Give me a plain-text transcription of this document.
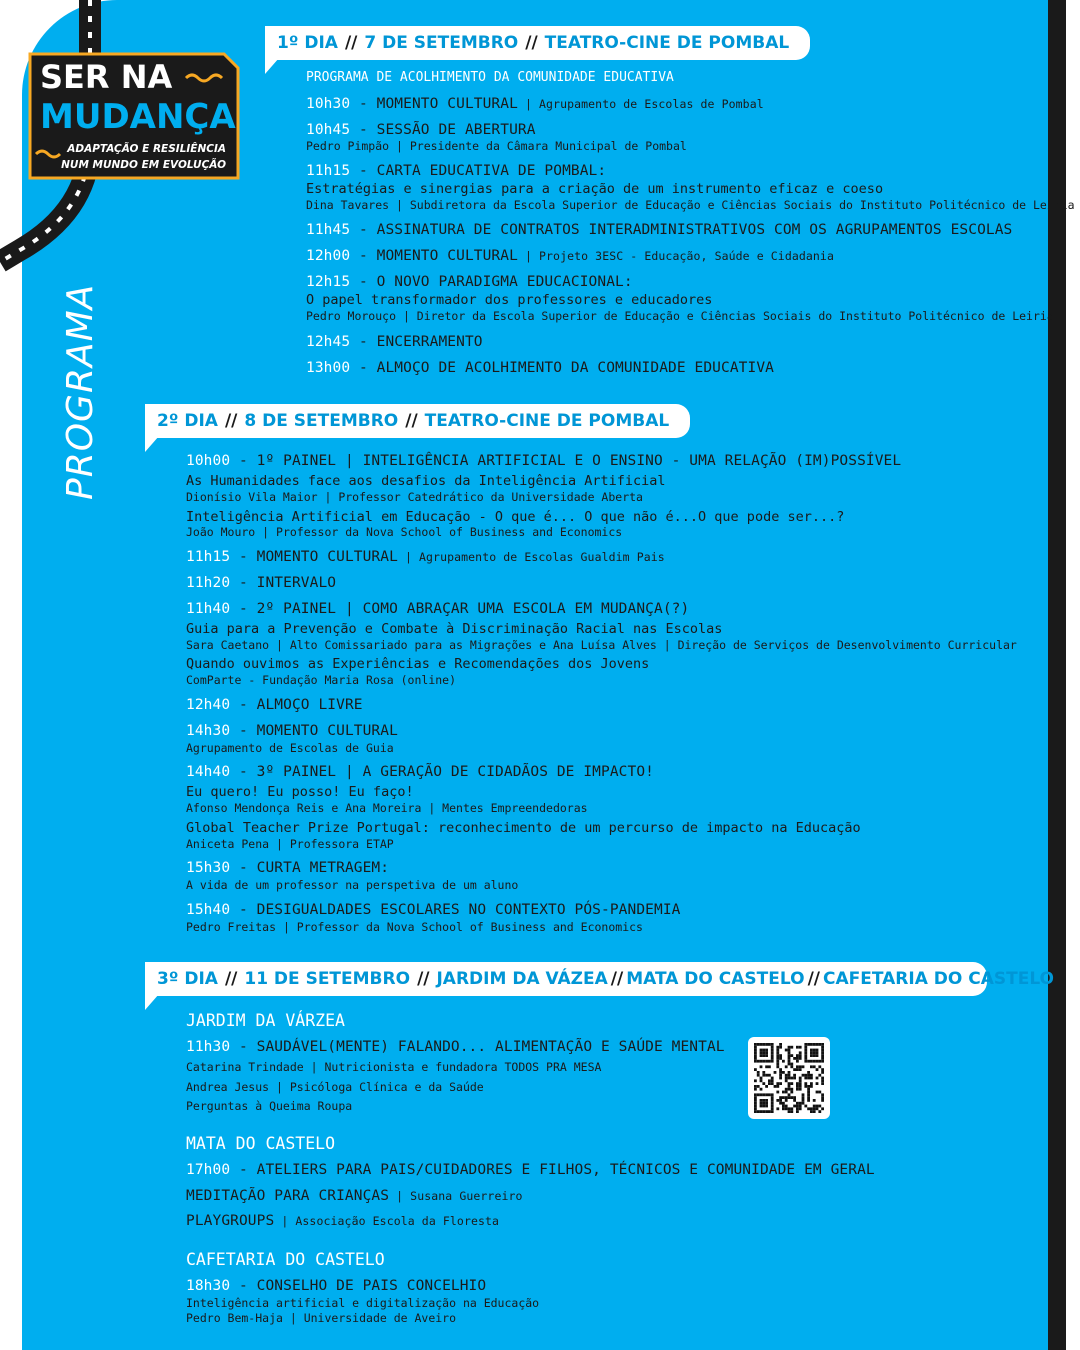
SER NA
MUDANÇA
ADAPTAÇÃO E RESILIÊNCIA
NUM MUNDO EM EVOLUÇÃO
PROGRAMA
1º DIA // 7 DE SETEMBRO // TEATRO-CINE DE POMBAL
PROGRAMA DE ACOLHIMENTO DA COMUNIDADE EDUCATIVA
10h30 - MOMENTO CULTURAL | Agrupamento de Escolas de Pombal
10h45 - SESSÃO DE ABERTURA
Pedro Pimpão | Presidente da Câmara Municipal de Pombal
11h15 - CARTA EDUCATIVA DE POMBAL:
Estratégias e sinergias para a criação de um instrumento eficaz e coeso
Dina Tavares | Subdiretora da Escola Superior de Educação e Ciências Sociais do Instituto Politécnico de Leiria
11h45 - ASSINATURA DE CONTRATOS INTERADMINISTRATIVOS COM OS AGRUPAMENTOS ESCOLAS
12h00 - MOMENTO CULTURAL | Projeto 3ESC - Educação, Saúde e Cidadania
12h15 - O NOVO PARADIGMA EDUCACIONAL:
O papel transformador dos professores e educadores
Pedro Morouço | Diretor da Escola Superior de Educação e Ciências Sociais do Instituto Politécnico de Leiria
12h45 - ENCERRAMENTO
13h00 - ALMOÇO DE ACOLHIMENTO DA COMUNIDADE EDUCATIVA
2º DIA // 8 DE SETEMBRO // TEATRO-CINE DE POMBAL
10h00 - 1º PAINEL | INTELIGÊNCIA ARTIFICIAL E O ENSINO - UMA RELAÇÃO (IM)POSSÍVEL
As Humanidades face aos desafios da Inteligência Artificial
Dionísio Vila Maior | Professor Catedrático da Universidade Aberta
Inteligência Artificial em Educação - O que é... O que não é...O que pode ser...?
João Mouro | Professor da Nova School of Business and Economics
11h15 - MOMENTO CULTURAL | Agrupamento de Escolas Gualdim Pais
11h20 - INTERVALO
11h40 - 2º PAINEL | COMO ABRAÇAR UMA ESCOLA EM MUDANÇA(?)
Guia para a Prevenção e Combate à Discriminação Racial nas Escolas
Sara Caetano | Alto Comissariado para as Migrações e Ana Luísa Alves | Direção de Serviços de Desenvolvimento Curricular
Quando ouvimos as Experiências e Recomendações dos Jovens
ComParte - Fundação Maria Rosa (online)
12h40 - ALMOÇO LIVRE
14h30 - MOMENTO CULTURAL
Agrupamento de Escolas de Guia
14h40 - 3º PAINEL | A GERAÇÃO DE CIDADÃOS DE IMPACTO!
Eu quero! Eu posso! Eu faço!
Afonso Mendonça Reis e Ana Moreira | Mentes Empreendedoras
Global Teacher Prize Portugal: reconhecimento de um percurso de impacto na Educação
Aniceta Pena | Professora ETAP
15h30 - CURTA METRAGEM:
A vida de um professor na perspetiva de um aluno
15h40 - DESIGUALDADES ESCOLARES NO CONTEXTO PÓS-PANDEMIA
Pedro Freitas | Professor da Nova School of Business and Economics
3º DIA // 11 DE SETEMBRO // JARDIM DA VÁZEA // MATA DO CASTELO // CAFETARIA DO CASTELO
JARDIM DA VÁRZEA
11h30 - SAUDÁVEL(MENTE) FALANDO... ALIMENTAÇÃO E SAÚDE MENTAL
Catarina Trindade | Nutricionista e fundadora TODOS PRA MESA
Andrea Jesus | Psicóloga Clínica e da Saúde
Perguntas à Queima Roupa
MATA DO CASTELO
17h00 - ATELIERS PARA PAIS/CUIDADORES E FILHOS, TÉCNICOS E COMUNIDADE EM GERAL
MEDITAÇÃO PARA CRIANÇAS | Susana Guerreiro
PLAYGROUPS | Associação Escola da Floresta
CAFETARIA DO CASTELO
18h30 - CONSELHO DE PAIS CONCELHIO
Inteligência artificial e digitalização na Educação
Pedro Bem-Haja | Universidade de Aveiro
